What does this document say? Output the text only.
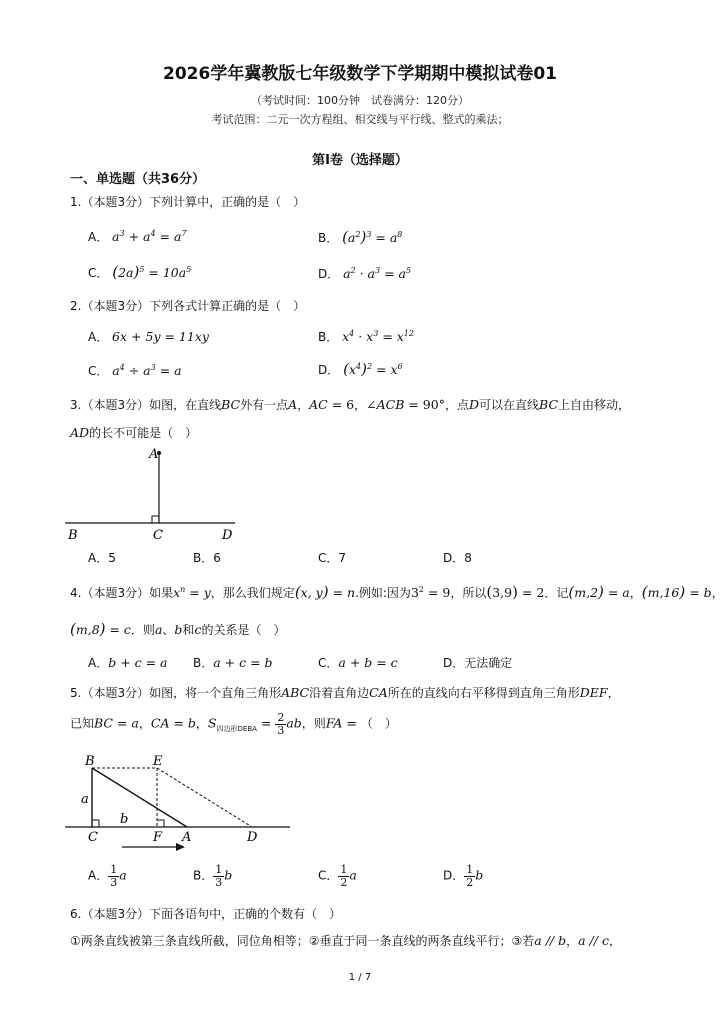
2026学年冀教版七年级数学下学期期中模拟试卷01
（考试时间：100分钟　试卷满分：120分）
考试范围：二元一次方程组、相交线与平行线、整式的乘法；
第Ⅰ卷（选择题）
一、单选题（共36分）
1.（本题3分）下列计算中，正确的是（　）
A． $a^3 + a^4 = a^7$	B． $(a^2)^3 = a^8$
C． $(2a)^5 = 10a^5$	D． $a^2 \cdot a^3 = a^5$
2.（本题3分）下列各式计算正确的是（　）
A． 6x + 5y = 11xy	B． $x^4 \cdot x^3 = x^{12}$
C． $a^4 \div a^3 = a$	D． $(x^4)^2 = x^6$
3.（本题3分）如图，在直线BC外有一点A，AC = 6，∠ACB = 90°，点D可以在直线BC上自由移动，
AD的长不可能是（　）
A
B	C	D
A．5	B．6	C．7	D．8
4.（本题3分）如果$x^n = y$，那么我们规定(x, y) = n.例如:因为$3^2 = 9$，所以(3,9) = 2．记(m,2) = a，(m,16) = b，
(m,8) = c．则a、b和c的关系是（　）
A．b + c = a B．a + c = b	C．a + b = c	D．无法确定
5.（本题3分）如图，将一个直角三角形ABC沿着直角边CA所在的直线向右平移得到直角三角形DEF，
已知BC = a，CA = b，$S_{四边形DEBA} = \frac{2}{3}$ ab，则FA = （　）
B	E
a
b
C	F A	D
A． $\frac{1}{3}$ a	B． $\frac{1}{3}$ b	C． $\frac{1}{2}$ a	D． $\frac{1}{2}$ b
6.（本题3分）下面各语句中，正确的个数有（　）
①两条直线被第三条直线所截，同位角相等；②垂直于同一条直线的两条直线平行；③若a // b，a // c，
1 / 7
